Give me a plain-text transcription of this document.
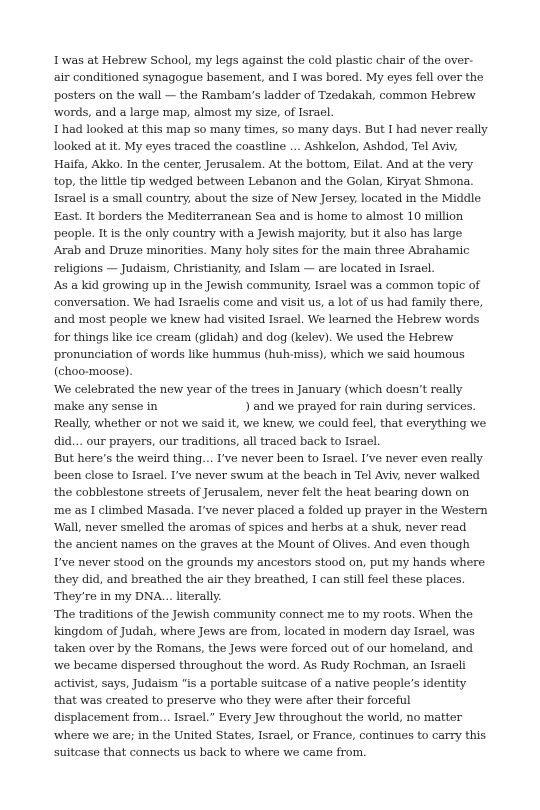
I was at Hebrew School, my legs against the cold plastic chair of the over-air conditioned synagogue basement, and I was bored. My eyes fell over the posters on the wall — the Rambam’s ladder of Tzedakah, common Hebrew words, and a large map, almost my size, of Israel.

I had looked at this map so many times, so many days. But I had never really looked at it. My eyes traced the coastline … Ashkelon, Ashdod, Tel Aviv, Haifa, Akko. In the center, Jerusalem. At the bottom, Eilat. And at the very top, the little tip wedged between Lebanon and the Golan, Kiryat Shmona.

Israel is a small country, about the size of New Jersey, located in the Middle East. It borders the Mediterranean Sea and is home to almost 10 million people. It is the only country with a Jewish majority, but it also has large Arab and Druze minorities. Many holy sites for the main three Abrahamic religions — Judaism, Christianity, and Islam — are located in Israel.

As a kid growing up in the Jewish community, Israel was a common topic of conversation. We had Israelis come and visit us, a lot of us had family there, and most people we knew had visited Israel. We learned the Hebrew words for things like ice cream (glidah) and dog (kelev). We used the Hebrew pronunciation of words like hummus (huh-miss), which we said houmous (choo-moose).

We celebrated the new year of the trees in January (which doesn’t really make any sense in	) and we prayed for rain during services.

Really, whether or not we said it, we knew, we could feel, that everything we did… our prayers, our traditions, all traced back to Israel.

But here’s the weird thing… I’ve never been to Israel. I’ve never even really been close to Israel. I’ve never swum at the beach in Tel Aviv, never walked the cobblestone streets of Jerusalem, never felt the heat bearing down on me as I climbed Masada. I’ve never placed a folded up prayer in the Western Wall, never smelled the aromas of spices and herbs at a shuk, never read the ancient names on the graves at the Mount of Olives. And even though I’ve never stood on the grounds my ancestors stood on, put my hands where they did, and breathed the air they breathed, I can still feel these places. They’re in my DNA… literally.

The traditions of the Jewish community connect me to my roots. When the kingdom of Judah, where Jews are from, located in modern day Israel, was taken over by the Romans, the Jews were forced out of our homeland, and we became dispersed throughout the word. As Rudy Rochman, an Israeli activist, says, Judaism “is a portable suitcase of a native people’s identity that was created to preserve who they were after their forceful displacement from… Israel.” Every Jew throughout the world, no matter where we are; in the United States, Israel, or France, continues to carry this suitcase that connects us back to where we came from.
